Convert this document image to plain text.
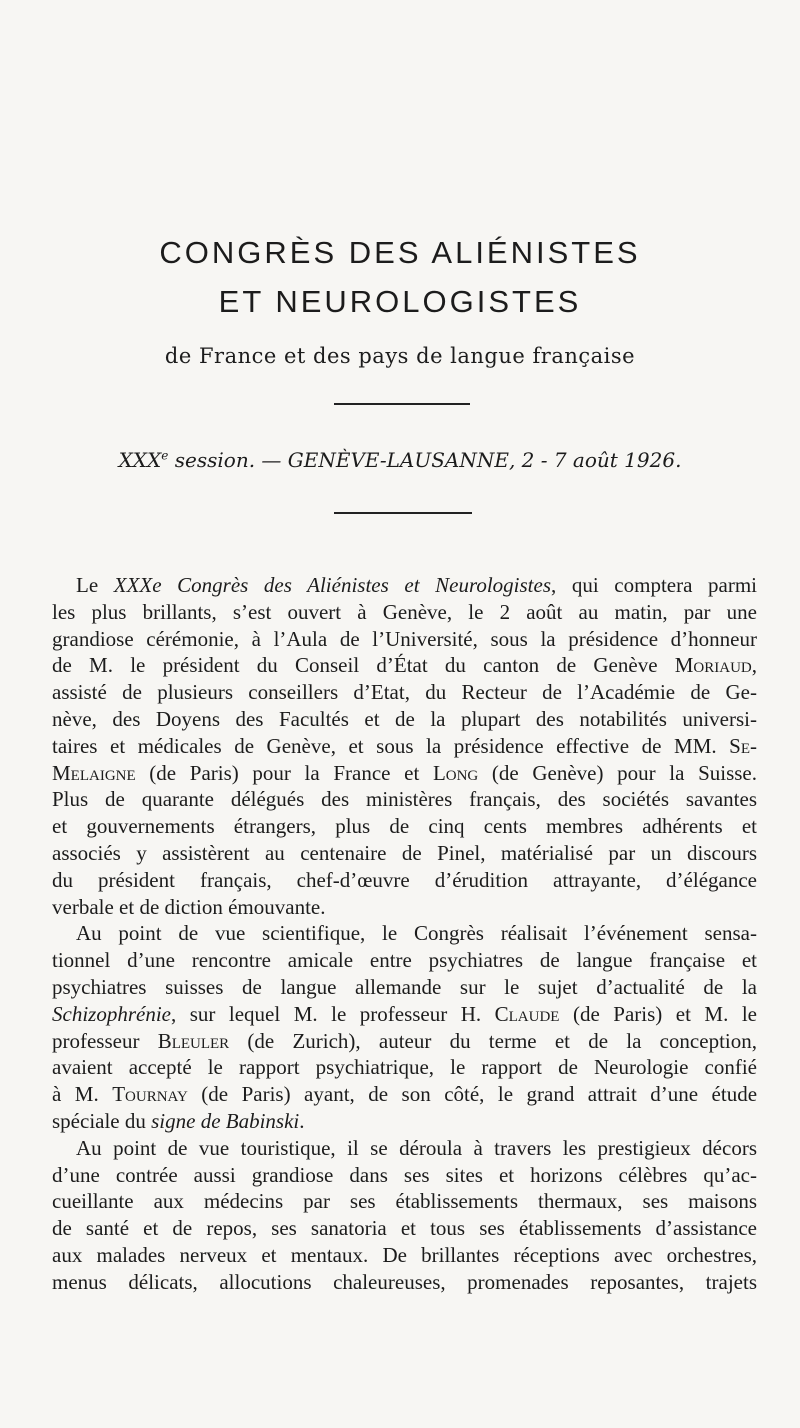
CONGRÈS DES ALIÉNISTES
ET NEUROLOGISTES
de France et des pays de langue française
XXXe session. — GENÈVE-LAUSANNE, 2 - 7 août 1926.
Le XXXe Congrès des Aliénistes et Neurologistes, qui comptera parmi
les plus brillants, s’est ouvert à Genève, le 2 août au matin, par une
grandiose cérémonie, à l’Aula de l’Université, sous la présidence d’honneur
de M. le président du Conseil d’État du canton de Genève Moriaud,
assisté de plusieurs conseillers d’Etat, du Recteur de l’Académie de Ge-
nève, des Doyens des Facultés et de la plupart des notabilités universi-
taires et médicales de Genève, et sous la présidence effective de MM. Se-
Melaigne (de Paris) pour la France et Long (de Genève) pour la Suisse.
Plus de quarante délégués des ministères français, des sociétés savantes
et gouvernements étrangers, plus de cinq cents membres adhérents et
associés y assistèrent au centenaire de Pinel, matérialisé par un discours
du président français, chef-d’œuvre d’érudition attrayante, d’élégance
verbale et de diction émouvante.
Au point de vue scientifique, le Congrès réalisait l’événement sensa-
tionnel d’une rencontre amicale entre psychiatres de langue française et
psychiatres suisses de langue allemande sur le sujet d’actualité de la
Schizophrénie, sur lequel M. le professeur H. Claude (de Paris) et M. le
professeur Bleuler (de Zurich), auteur du terme et de la conception,
avaient accepté le rapport psychiatrique, le rapport de Neurologie confié
à M. Tournay (de Paris) ayant, de son côté, le grand attrait d’une étude
spéciale du signe de Babinski.
Au point de vue touristique, il se déroula à travers les prestigieux décors
d’une contrée aussi grandiose dans ses sites et horizons célèbres qu’ac-
cueillante aux médecins par ses établissements thermaux, ses maisons
de santé et de repos, ses sanatoria et tous ses établissements d’assistance
aux malades nerveux et mentaux. De brillantes réceptions avec orchestres,
menus délicats, allocutions chaleureuses, promenades reposantes, trajets
